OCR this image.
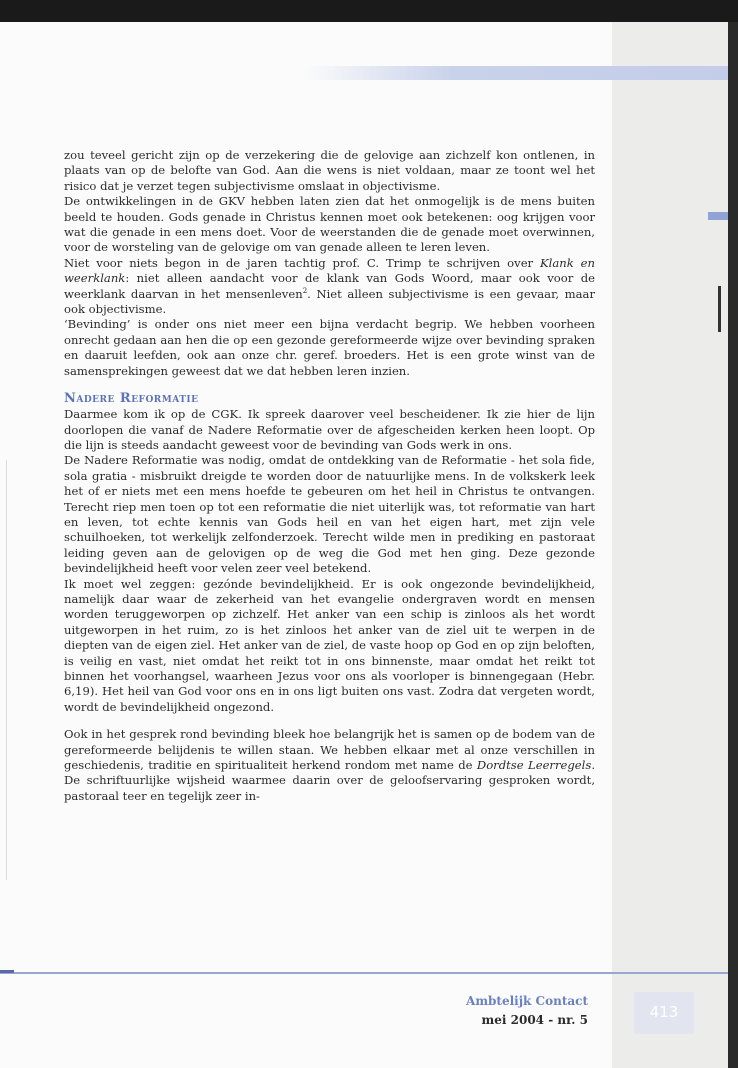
zou teveel gericht zijn op de verzekering die de gelovige aan zichzelf kon ontlenen, in plaats van op de belofte van God. Aan die wens is niet voldaan, maar ze toont wel het risico dat je verzet tegen subjectivisme omslaat in objectivisme.

De ontwikkelingen in de GKV hebben laten zien dat het onmogelijk is de mens buiten beeld te houden. Gods genade in Christus kennen moet ook betekenen: oog krijgen voor wat die genade in een mens doet. Voor de weerstanden die de genade moet overwinnen, voor de worsteling van de gelovige om van genade alleen te leren leven.

Niet voor niets begon in de jaren tachtig prof. C. Trimp te schrijven over Klank en weerklank: niet alleen aandacht voor de klank van Gods Woord, maar ook voor de weerklank daarvan in het mensenleven$^2$. Niet alleen subjectivisme is een gevaar, maar ook objectivisme.

‘Bevinding’ is onder ons niet meer een bijna verdacht begrip. We hebben voorheen onrecht gedaan aan hen die op een gezonde gereformeerde wijze over bevinding spraken en daaruit leefden, ook aan onze chr. geref. broeders. Het is een grote winst van de samensprekingen geweest dat we dat hebben leren inzien.

Nadere Reformatie

Daarmee kom ik op de CGK. Ik spreek daarover veel bescheidener. Ik zie hier de lijn doorlopen die vanaf de Nadere Reformatie over de afgescheiden kerken heen loopt. Op die lijn is steeds aandacht geweest voor de bevinding van Gods werk in ons.

De Nadere Reformatie was nodig, omdat de ontdekking van de Reformatie - het sola fide, sola gratia - misbruikt dreigde te worden door de natuurlijke mens. In de volkskerk leek het of er niets met een mens hoefde te gebeuren om het heil in Christus te ontvangen. Terecht riep men toen op tot een reformatie die niet uiterlijk was, tot reformatie van hart en leven, tot echte kennis van Gods heil en van het eigen hart, met zijn vele schuilhoeken, tot werkelijk zelfonderzoek. Terecht wilde men in prediking en pastoraat leiding geven aan de gelovigen op de weg die God met hen ging. Deze gezonde bevindelijkheid heeft voor velen zeer veel betekend.

Ik moet wel zeggen: gezónde bevindelijkheid. Er is ook ongezonde bevindelijkheid, namelijk daar waar de zekerheid van het evangelie ondergraven wordt en mensen worden teruggeworpen op zichzelf. Het anker van een schip is zinloos als het wordt uitgeworpen in het ruim, zo is het zinloos het anker van de ziel uit te werpen in de diepten van de eigen ziel. Het anker van de ziel, de vaste hoop op God en op zijn beloften, is veilig en vast, niet omdat het reikt tot in ons binnenste, maar omdat het reikt tot binnen het voorhangsel, waarheen Jezus voor ons als voorloper is binnengegaan (Hebr. 6,19). Het heil van God voor ons en in ons ligt buiten ons vast. Zodra dat vergeten wordt, wordt de bevindelijkheid ongezond.

Ook in het gesprek rond bevinding bleek hoe belangrijk het is samen op de bodem van de gereformeerde belijdenis te willen staan. We hebben elkaar met al onze verschillen in geschiedenis, traditie en spiritualiteit herkend rondom met name de Dordtse Leerregels. De schriftuurlijke wijsheid waarmee daarin over de geloofservaring gesproken wordt, pastoraal teer en tegelijk zeer in-

Ambtelijk Contact
mei 2004 - nr. 5	413
